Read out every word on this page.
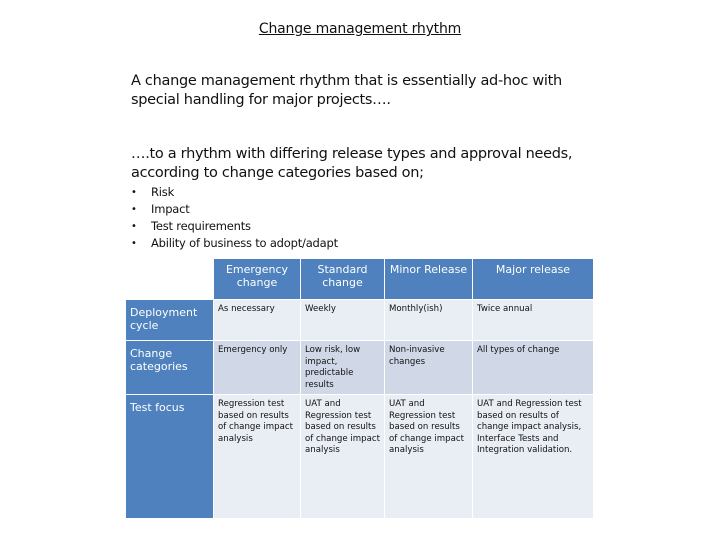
Change management rhythm
A change management rhythm that is essentially ad-hoc with special handling for major projects….
….to a rhythm with differing release types and approval needs, according to change categories based on;
• Risk
• Impact
• Test requirements
• Ability of business to adopt/adapt
	Emergency change	Standard change	Minor Release	Major release
Deployment cycle	As necessary	Weekly	Monthly(ish)	Twice annual
Change categories	Emergency only	Low risk, low impact, predictable results	Non-invasive changes	All types of change
Test focus	Regression test based on results of change impact analysis	UAT and Regression test based on results of change impact analysis	UAT and Regression test based on results of change impact analysis	UAT and Regression test based on results of change impact analysis, Interface Tests and Integration validation.
